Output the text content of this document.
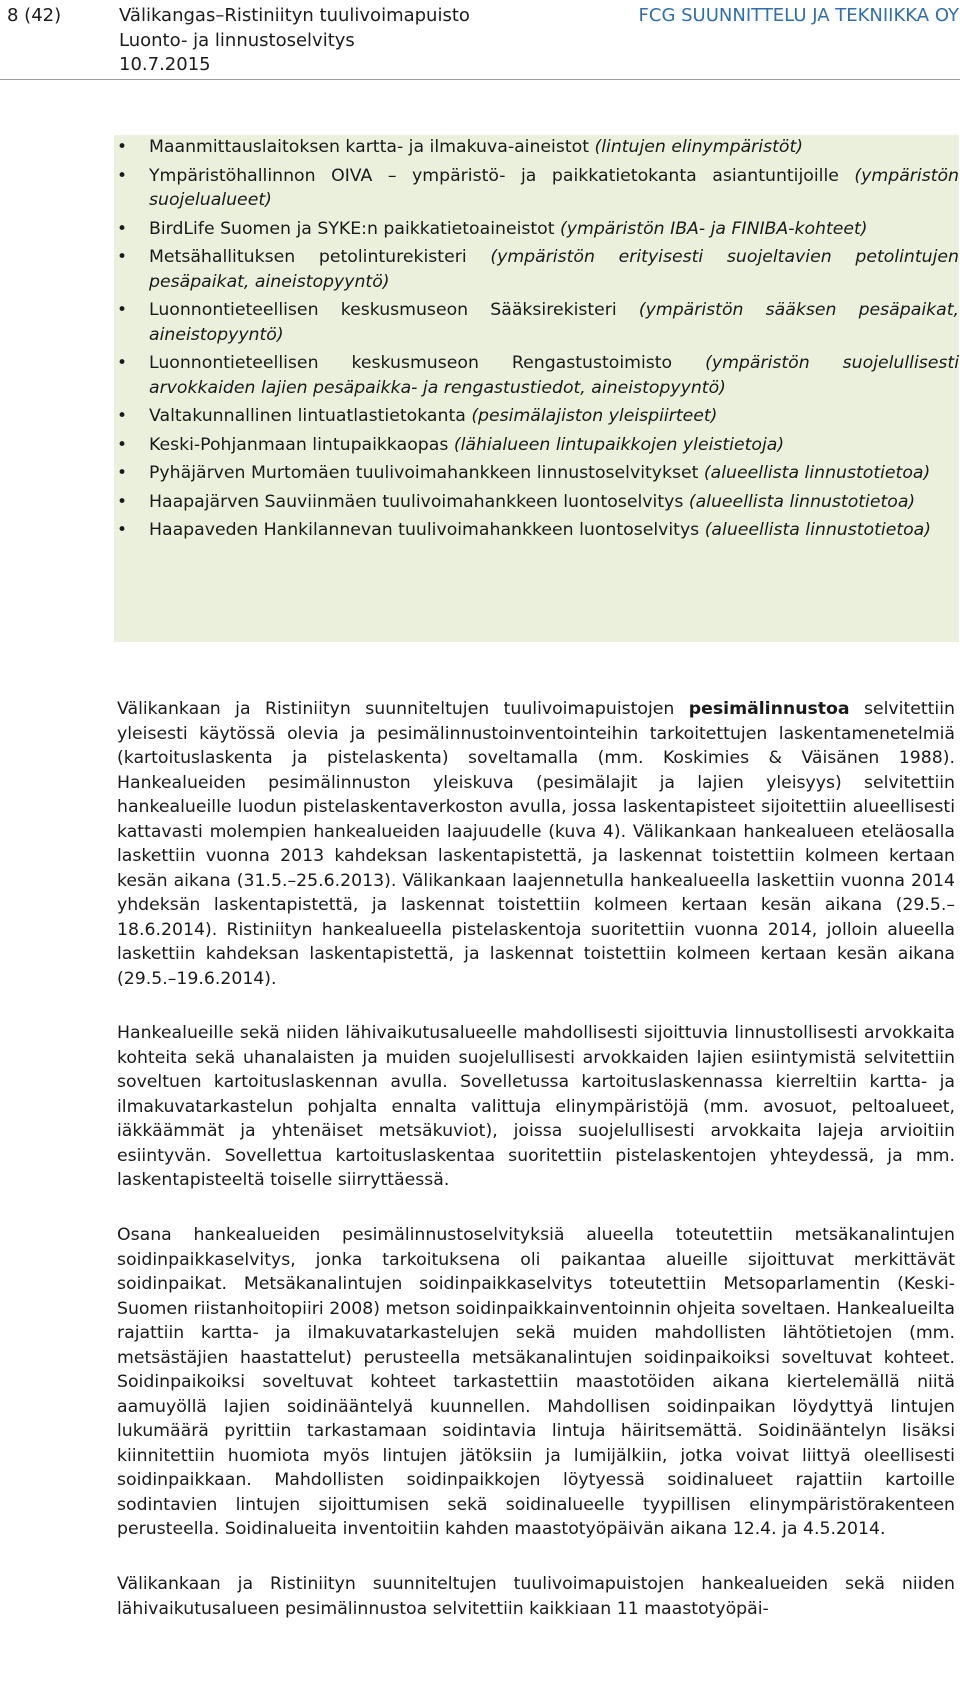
8 (42)	Välikangas–Ristiniityn tuulivoimapuisto
Luonto- ja linnustoselvitys
10.7.2015
FCG SUUNNITTELU JA TEKNIIKKA OY
• Maanmittauslaitoksen kartta- ja ilmakuva-aineistot (lintujen elinympäristöt)
• Ympäristöhallinnon OIVA – ympäristö- ja paikkatietokanta asiantuntijoille (ympäristön suojelualueet)
• BirdLife Suomen ja SYKE:n paikkatietoaineistot (ympäristön IBA- ja FINIBA-kohteet)
• Metsähallituksen petolinturekisteri (ympäristön erityisesti suojeltavien petolintujen pesäpaikat, aineistopyyntö)
• Luonnontieteellisen keskusmuseon Sääksirekisteri (ympäristön sääksen pesäpaikat, aineistopyyntö)
• Luonnontieteellisen keskusmuseon Rengastustoimisto (ympäristön suojelullisesti arvokkaiden lajien pesäpaikka- ja rengastustiedot, aineistopyyntö)
• Valtakunnallinen lintuatlastietokanta (pesimälajiston yleispiirteet)
• Keski-Pohjanmaan lintupaikkaopas (lähialueen lintupaikkojen yleistietoja)
• Pyhäjärven Murtomäen tuulivoimahankkeen linnustoselvitykset (alueellista linnustotietoa)
• Haapajärven Sauviinmäen tuulivoimahankkeen luontoselvitys (alueellista linnustotietoa)
• Haapaveden Hankilannevan tuulivoimahankkeen luontoselvitys (alueellista linnustotietoa)
Välikankaan ja Ristiniityn suunniteltujen tuulivoimapuistojen pesimälinnustoa selvitettiin yleisesti käytössä olevia ja pesimälinnustoinventointeihin tarkoitettujen laskentamenetelmiä (kartoituslaskenta ja pistelaskenta) soveltamalla (mm. Koskimies & Väisänen 1988). Hankealueiden pesimälinnuston yleiskuva (pesimälajit ja lajien yleisyys) selvitettiin hankealueille luodun pistelaskentaverkoston avulla, jossa laskentapisteet sijoitettiin alueellisesti kattavasti molempien hankealueiden laajuudelle (kuva 4). Välikankaan hankealueen eteläosalla laskettiin vuonna 2013 kahdeksan laskentapistettä, ja laskennat toistettiin kolmeen kertaan kesän aikana (31.5.–25.6.2013). Välikankaan laajennetulla hankealueella laskettiin vuonna 2014 yhdeksän laskentapistettä, ja laskennat toistettiin kolmeen kertaan kesän aikana (29.5.–18.6.2014). Ristiniityn hankealueella pistelaskentoja suoritettiin vuonna 2014, jolloin alueella laskettiin kahdeksan laskentapistettä, ja laskennat toistettiin kolmeen kertaan kesän aikana (29.5.–19.6.2014).
Hankealueille sekä niiden lähivaikutusalueelle mahdollisesti sijoittuvia linnustollisesti arvokkaita kohteita sekä uhanalaisten ja muiden suojelullisesti arvokkaiden lajien esiintymistä selvitettiin soveltuen kartoituslaskennan avulla. Sovelletussa kartoituslaskennassa kierreltiin kartta- ja ilmakuvatarkastelun pohjalta ennalta valittuja elinympäristöjä (mm. avosuot, peltoalueet, iäkkäämmät ja yhtenäiset metsäkuviot), joissa suojelullisesti arvokkaita lajeja arvioitiin esiintyvän. Sovellettua kartoituslaskentaa suoritettiin pistelaskentojen yhteydessä, ja mm. laskentapisteeltä toiselle siirryttäessä.
Osana hankealueiden pesimälinnustoselvityksiä alueella toteutettiin metsäkanalintujen soidinpaikkaselvitys, jonka tarkoituksena oli paikantaa alueille sijoittuvat merkittävät soidinpaikat. Metsäkanalintujen soidinpaikkaselvitys toteutettiin Metsoparlamentin (Keski-Suomen riistanhoitopiiri 2008) metson soidinpaikkainventoinnin ohjeita soveltaen. Hankealueilta rajattiin kartta- ja ilmakuvatarkastelujen sekä muiden mahdollisten lähtötietojen (mm. metsästäjien haastattelut) perusteella metsäkanalintujen soidinpaikoiksi soveltuvat kohteet. Soidinpaikoiksi soveltuvat kohteet tarkastettiin maastotöiden aikana kiertelemällä niitä aamuyöllä lajien soidinääntelyä kuunnellen. Mahdollisen soidinpaikan löydyttyä lintujen lukumäärä pyrittiin tarkastamaan soidintavia lintuja häiritsemättä. Soidinääntelyn lisäksi kiinnitettiin huomiota myös lintujen jätöksiin ja lumijälkiin, jotka voivat liittyä oleellisesti soidinpaikkaan. Mahdollisten soidinpaikkojen löytyessä soidinalueet rajattiin kartoille sodintavien lintujen sijoittumisen sekä soidinalueelle tyypillisen elinympäristörakenteen perusteella. Soidinalueita inventoitiin kahden maastotyöpäivän aikana 12.4. ja 4.5.2014.
Välikankaan ja Ristiniityn suunniteltujen tuulivoimapuistojen hankealueiden sekä niiden lähivaikutusalueen pesimälinnustoa selvitettiin kaikkiaan 11 maastotyöpäi-
